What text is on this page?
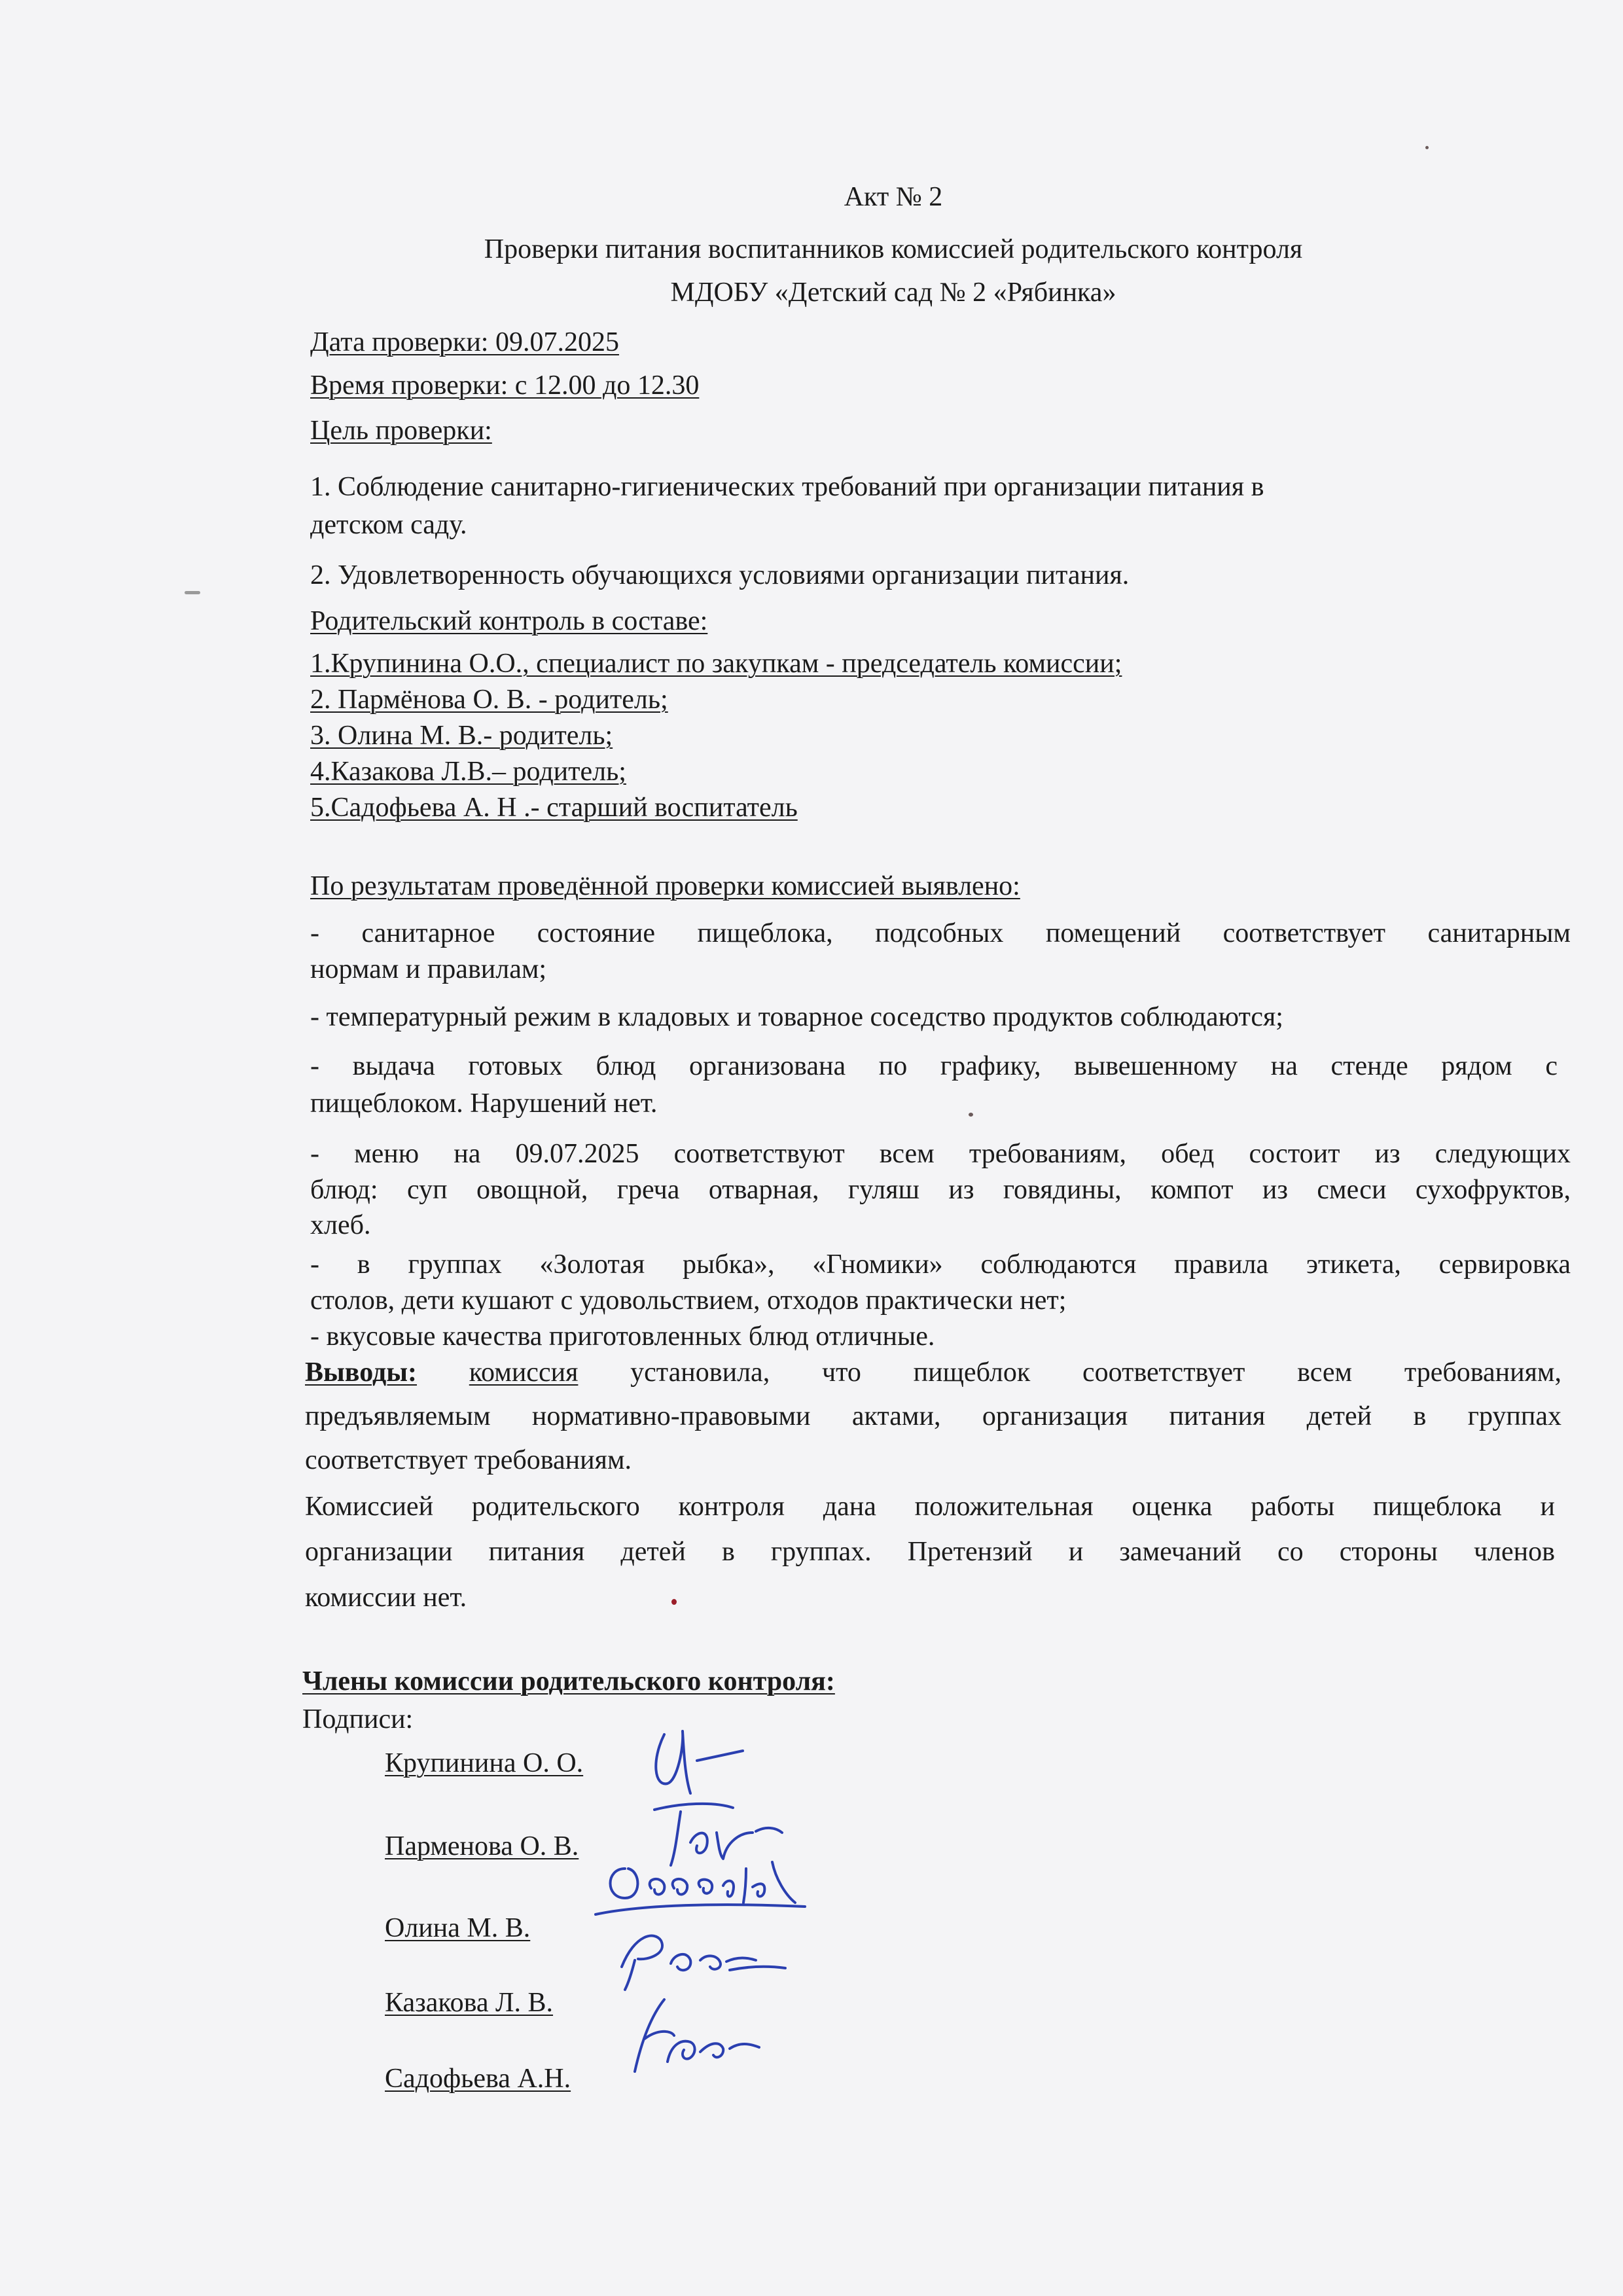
Акт № 2
Проверки питания воспитанников комиссией родительского контроля
МДОБУ «Детский сад № 2 «Рябинка»
Дата проверки: 09.07.2025
Время проверки: с 12.00 до 12.30
Цель проверки:
1. Соблюдение санитарно-гигиенических требований при организации питания в
детском саду.
2. Удовлетворенность обучающихся условиями организации питания.
Родительский контроль в составе:
1.Крупинина О.О., специалист по закупкам - председатель комиссии;
2. Пармёнова О. В. - родитель;
3. Олина М. В.- родитель;
4.Казакова Л.В.– родитель;
5.Садофьева А. Н .- старший воспитатель
По результатам проведённой проверки комиссией выявлено:
- санитарное состояние пищеблока, подсобных помещений соответствует санитарным
нормам и правилам;
- температурный режим в кладовых и товарное соседство продуктов соблюдаются;
- выдача готовых блюд организована по графику, вывешенному на стенде рядом с
пищеблоком. Нарушений нет.
- меню на 09.07.2025 соответствуют всем требованиям, обед состоит из следующих
блюд: суп овощной, греча отварная, гуляш из говядины, компот из смеси сухофруктов,
хлеб.
- в группах «Золотая рыбка», «Гномики» соблюдаются правила этикета, сервировка
столов, дети кушают с удовольствием, отходов практически нет;
- вкусовые качества приготовленных блюд отличные.
Выводы: комиссия установила, что пищеблок соответствует всем требованиям,
предъявляемым нормативно-правовыми актами, организация питания детей в группах
соответствует требованиям.
Комиссией родительского контроля дана положительная оценка работы пищеблока и
организации питания детей в группах. Претензий и замечаний со стороны членов
комиссии нет.
Члены комиссии родительского контроля:
Подписи:
Крупинина О. О.
Парменова О. В.
Олина М. В.
Казакова Л. В.
Садофьева А.Н.
